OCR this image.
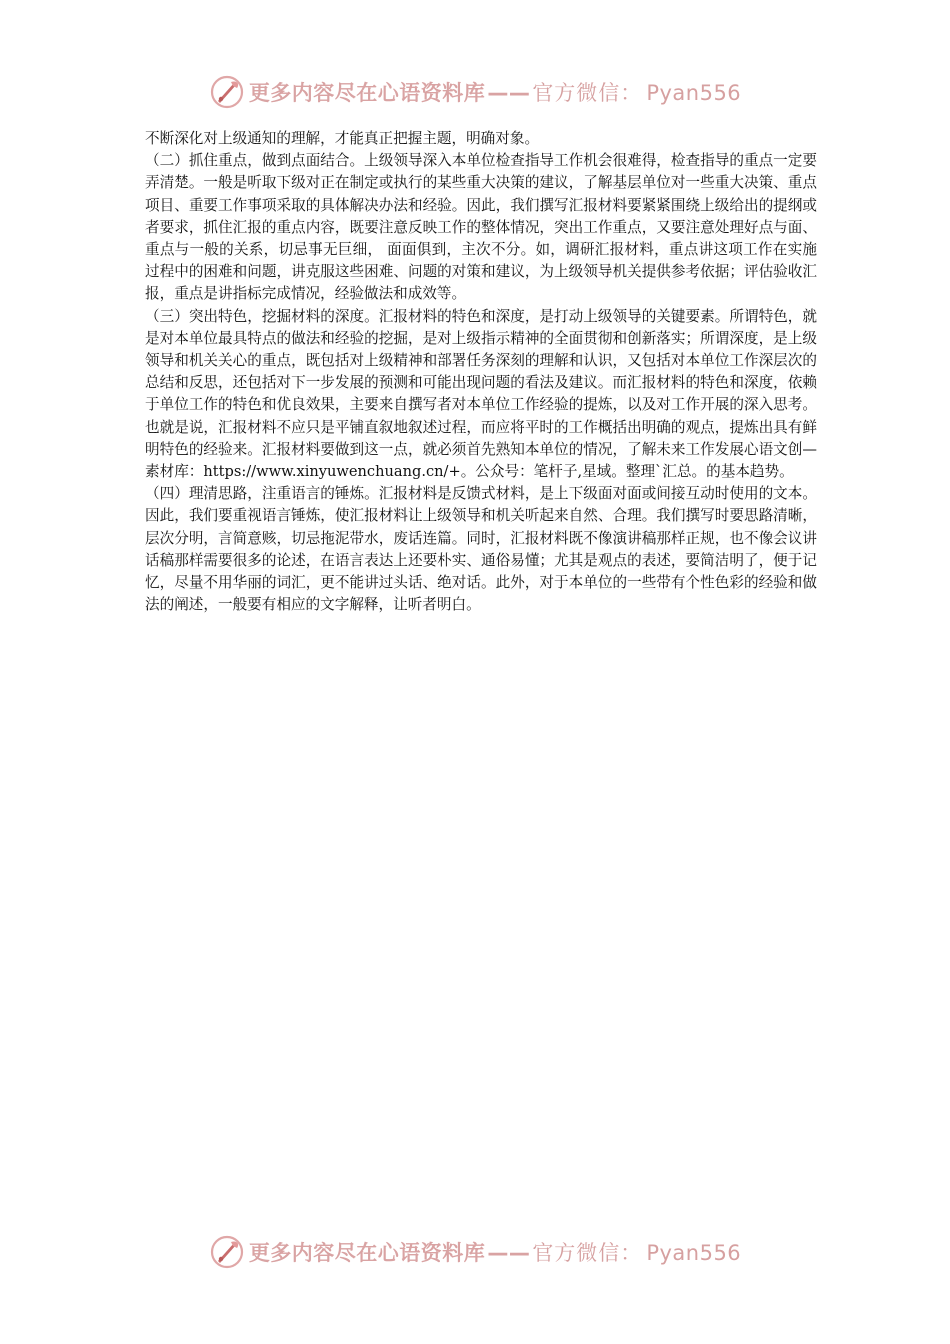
更多内容尽在心语资料库——官方微信： Pyan556

不断深化对上级通知的理解，才能真正把握主题，明确对象。

（二）抓住重点，做到点面结合。上级领导深入本单位检查指导工作机会很难得，检查指导的重点一定要弄清楚。一般是听取下级对正在制定或执行的某些重大决策的建议，了解基层单位对一些重大决策、重点项目、重要工作事项采取的具体解决办法和经验。因此，我们撰写汇报材料要紧紧围绕上级给出的提纲或者要求，抓住汇报的重点内容，既要注意反映工作的整体情况，突出工作重点，又要注意处理好点与面、重点与一般的关系，切忌事无巨细， 面面俱到，主次不分。如，调研汇报材料，重点讲这项工作在实施过程中的困难和问题，讲克服这些困难、问题的对策和建议，为上级领导机关提供参考依据；评估验收汇报，重点是讲指标完成情况，经验做法和成效等。

（三）突出特色，挖掘材料的深度。汇报材料的特色和深度，是打动上级领导的关键要素。所谓特色，就是对本单位最具特点的做法和经验的挖掘，是对上级指示精神的全面贯彻和创新落实；所谓深度，是上级领导和机关关心的重点，既包括对上级精神和部署任务深刻的理解和认识，又包括对本单位工作深层次的总结和反思，还包括对下一步发展的预测和可能出现问题的看法及建议。而汇报材料的特色和深度，依赖于单位工作的特色和优良效果，主要来自撰写者对本单位工作经验的提炼，以及对工作开展的深入思考。也就是说，汇报材料不应只是平铺直叙地叙述过程，而应将平时的工作概括出明确的观点，提炼出具有鲜明特色的经验来。汇报材料要做到这一点，就必须首先熟知本单位的情况，了解未来工作发展心语文创—素材库：https://www.xinyuwenchuang.cn/+。公众号：笔杆子,星域。整理`汇总。的基本趋势。

（四）理清思路，注重语言的锤炼。汇报材料是反馈式材料，是上下级面对面或间接互动时使用的文本。因此，我们要重视语言锤炼，使汇报材料让上级领导和机关听起来自然、合理。我们撰写时要思路清晰，层次分明，言简意赅，切忌拖泥带水，废话连篇。同时，汇报材料既不像演讲稿那样正规，也不像会议讲话稿那样需要很多的论述，在语言表达上还要朴实、通俗易懂；尤其是观点的表述，要简洁明了，便于记忆，尽量不用华丽的词汇，更不能讲过头话、绝对话。此外，对于本单位的一些带有个性色彩的经验和做法的阐述，一般要有相应的文字解释，让听者明白。

更多内容尽在心语资料库——官方微信： Pyan556
